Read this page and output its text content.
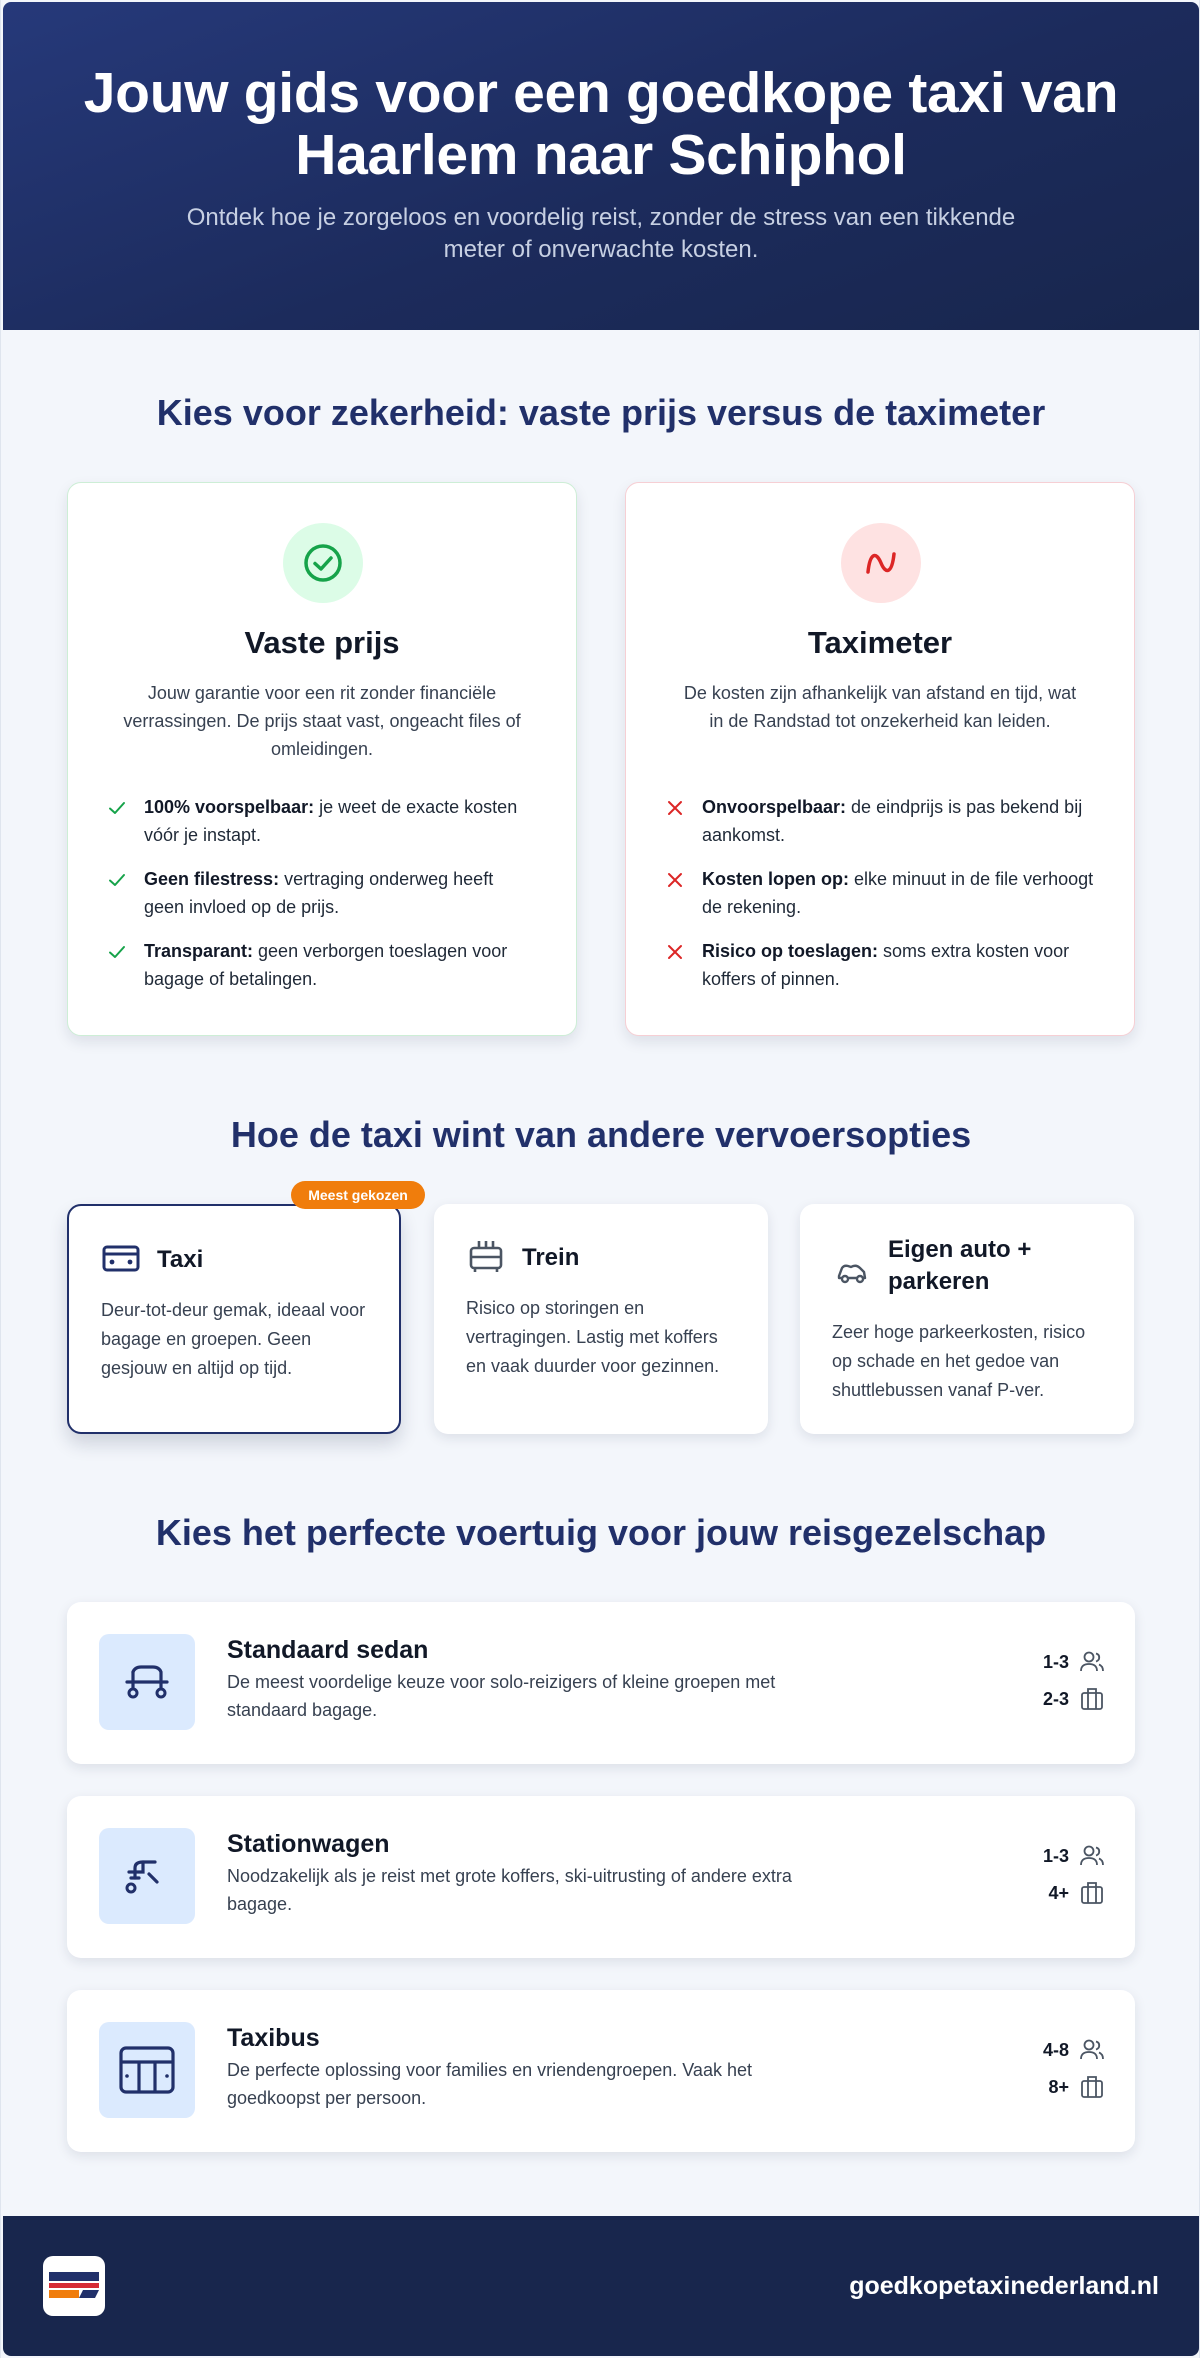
Jouw gids voor een goedkope taxi van Haarlem naar Schiphol

Ontdek hoe je zorgeloos en voordelig reist, zonder de stress van een tikkende meter of onverwachte kosten.

Kies voor zekerheid: vaste prijs versus de taximeter
Vaste prijs

Jouw garantie voor een rit zonder financiële verrassingen. De prijs staat vast, ongeacht files of omleidingen.

100% voorspelbaar: je weet de exacte kosten vóór je instapt.
Geen filestress: vertraging onderweg heeft geen invloed op de prijs.
Transparant: geen verborgen toeslagen voor bagage of betalingen.
Taximeter

De kosten zijn afhankelijk van afstand en tijd, wat in de Randstad tot onzekerheid kan leiden.

Onvoorspelbaar: de eindprijs is pas bekend bij aankomst.
Kosten lopen op: elke minuut in de file verhoogt de rekening.
Risico op toeslagen: soms extra kosten voor koffers of pinnen.
Hoe de taxi wint van andere vervoersopties
Taxi

Deur-tot-deur gemak, ideaal voor bagage en groepen. Geen gesjouw en altijd op tijd.

Meest gekozen
Trein

Risico op storingen en vertragingen. Lastig met koffers en vaak duurder voor gezinnen.

Eigen auto + parkeren

Zeer hoge parkeerkosten, risico op schade en het gedoe van shuttlebussen vanaf P-ver.

Kies het perfecte voertuig voor jouw reisgezelschap
Standaard sedan

De meest voordelige keuze voor solo-reizigers of kleine groepen met standaard bagage.

1-3
2-3
Stationwagen

Noodzakelijk als je reist met grote koffers, ski-uitrusting of andere extra bagage.

1-3
4+
Taxibus

De perfecte oplossing voor families en vriendengroepen. Vaak het goedkoopst per persoon.

4-8
8+
goedkopetaxinederland.nl
